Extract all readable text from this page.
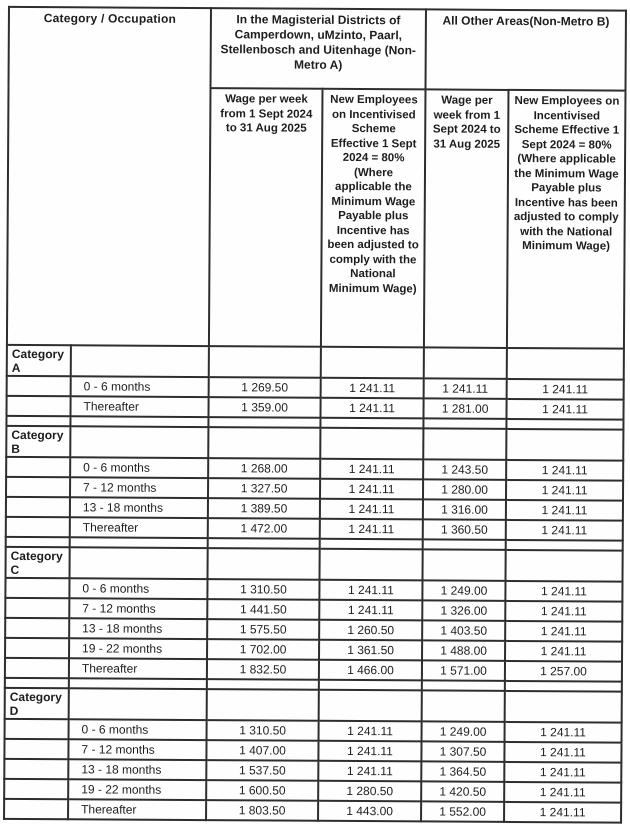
Category / Occupation		In the Magisterial Districts of Camperdown, uMzinto, Paarl, Stellenbosch and Uitenhage (Non- Metro A)		All Other Areas(Non-Metro B)	
		Wage per week from 1 Sept 2024 to 31 Aug 2025	New Employees on Incentivised Scheme Effective 1 Sept 2024 = 80% (Where applicable the Minimum Wage Payable plus Incentive has been adjusted to comply with the National Minimum Wage)	Wage per week from 1 Sept 2024 to 31 Aug 2025	New Employees on Incentivised Scheme Effective 1 Sept 2024 = 80% (Where applicable the Minimum Wage Payable plus Incentive has been adjusted to comply with the National Minimum Wage)
Category A					
	0 - 6 months	1 269.50	1 241.11	1 241.11	1 241.11
	Thereafter	1 359.00	1 241.11	1 281.00	1 241.11

Category B					
	0 - 6 months	1 268.00	1 241.11	1 243.50	1 241.11
	7 - 12 months	1 327.50	1 241.11	1 280.00	1 241.11
	13 - 18 months	1 389.50	1 241.11	1 316.00	1 241.11
	Thereafter	1 472.00	1 241.11	1 360.50	1 241.11

Category C					
	0 - 6 months	1 310.50	1 241.11	1 249.00	1 241.11
	7 - 12 months	1 441.50	1 241.11	1 326.00	1 241.11
	13 - 18 months	1 575.50	1 260.50	1 403.50	1 241.11
	19 - 22 months	1 702.00	1 361.50	1 488.00	1 241.11
	Thereafter	1 832.50	1 466.00	1 571.00	1 257.00

Category D					
	0 - 6 months	1 310.50	1 241.11	1 249.00	1 241.11
	7 - 12 months	1 407.00	1 241.11	1 307.50	1 241.11
	13 - 18 months	1 537.50	1 241.11	1 364.50	1 241.11
	19 - 22 months	1 600.50	1 280.50	1 420.50	1 241.11
	Thereafter	1 803.50	1 443.00	1 552.00	1 241.11
